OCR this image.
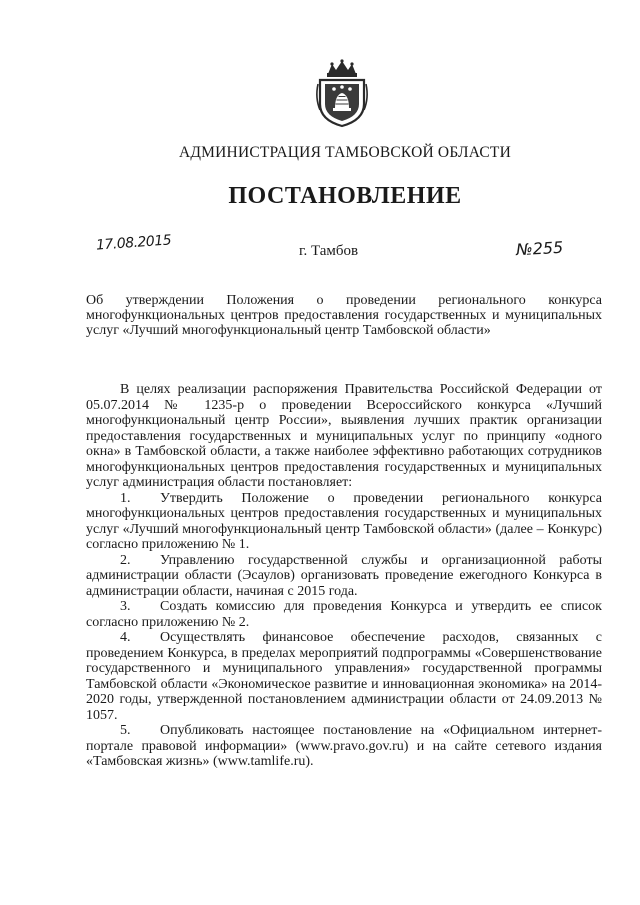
АДМИНИСТРАЦИЯ ТАМБОВСКОЙ ОБЛАСТИ
ПОСТАНОВЛЕНИЕ
17.08.2015	г. Тамбов	№255
Об утверждении Положения о проведении регионального конкурса многофункциональных центров предоставления государственных и муниципальных услуг «Лучший многофункциональный центр Тамбовской области»

В целях реализации распоряжения Правительства Российской Федерации от 05.07.2014 № 1235-р о проведении Всероссийского конкурса «Лучший многофункциональный центр России», выявления лучших практик организации предоставления государственных и муниципальных услуг по принципу «одного окна» в Тамбовской области, а также наиболее эффективно работающих сотрудников многофункциональных центров предоставления государственных и муниципальных услуг администрация области постановляет:

1. Утвердить Положение о проведении регионального конкурса многофункциональных центров предоставления государственных и муниципальных услуг «Лучший многофункциональный центр Тамбовской области» (далее – Конкурс) согласно приложению № 1.

2. Управлению государственной службы и организационной работы администрации области (Эсаулов) организовать проведение ежегодного Конкурса в администрации области, начиная с 2015 года.

3. Создать комиссию для проведения Конкурса и утвердить ее список согласно приложению № 2.

4. Осуществлять финансовое обеспечение расходов, связанных с проведением Конкурса, в пределах мероприятий подпрограммы «Совершенствование государственного и муниципального управления» государственной программы Тамбовской области «Экономическое развитие и инновационная экономика» на 2014-2020 годы, утвержденной постановлением администрации области от 24.09.2013 № 1057.

5. Опубликовать настоящее постановление на «Официальном интернет-портале правовой информации» (www.pravo.gov.ru) и на сайте сетевого издания «Тамбовская жизнь» (www.tamlife.ru).
